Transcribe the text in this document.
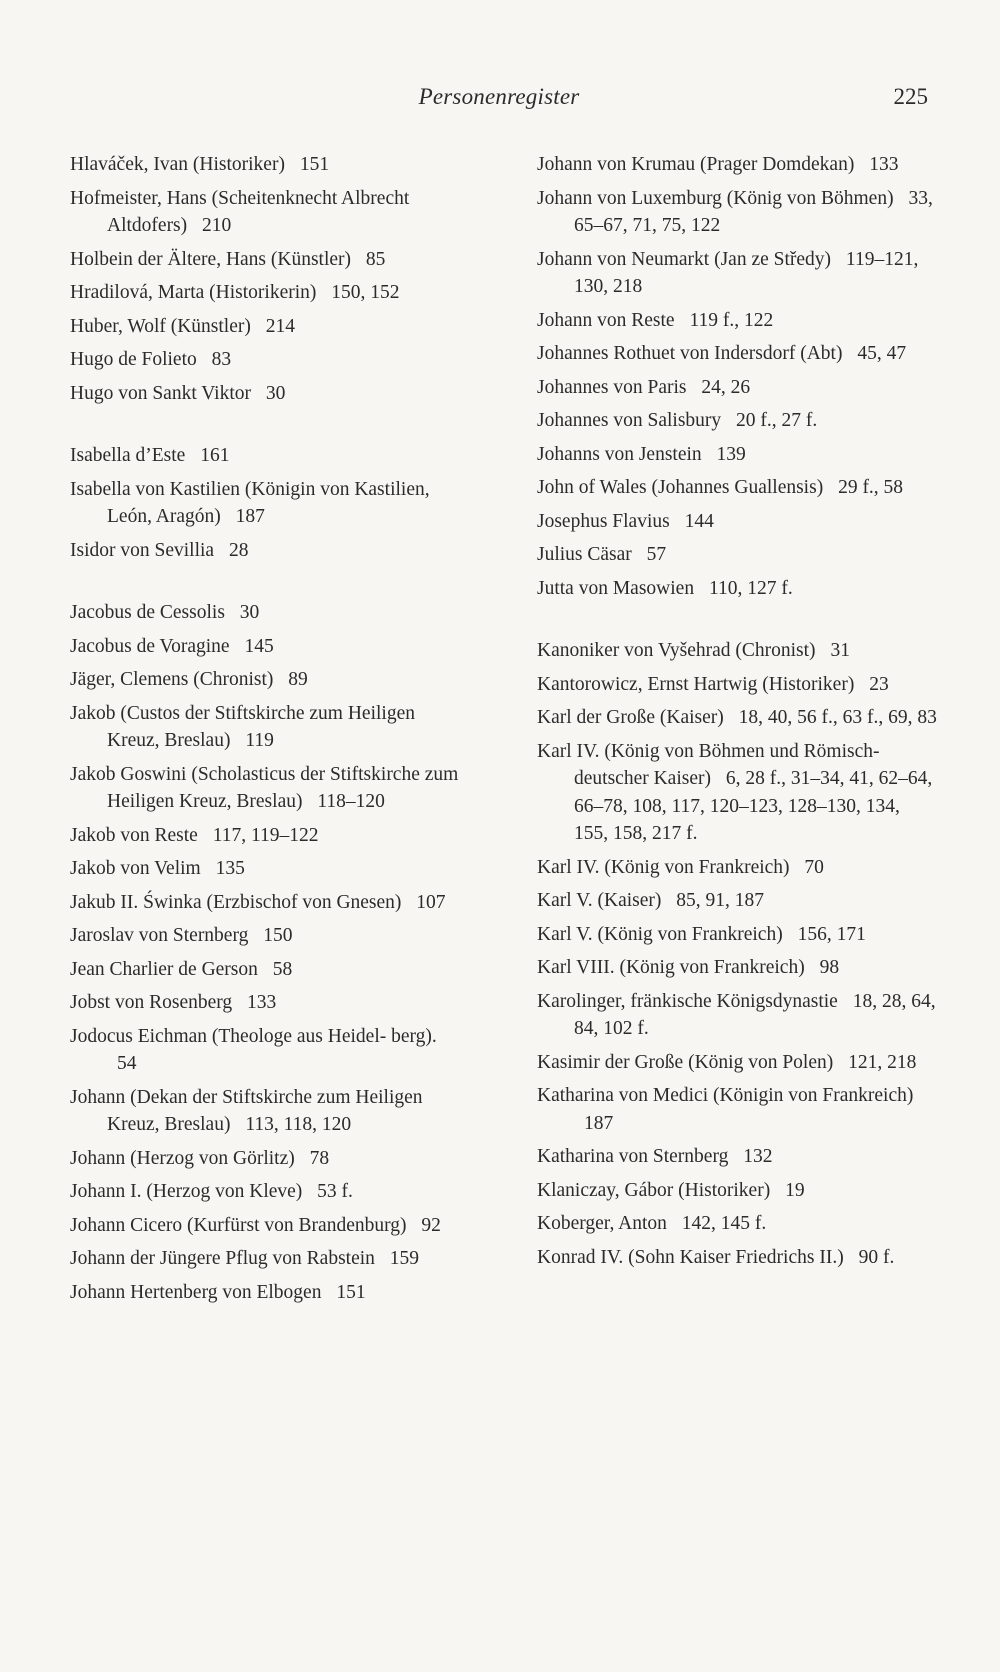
Personenregister	225
Hlaváček, Ivan (Historiker) 151
Hofmeister, Hans (Scheitenknecht Albrecht Altdofers) 210
Holbein der Ältere, Hans (Künstler) 85
Hradilová, Marta (Historikerin) 150, 152
Huber, Wolf (Künstler) 214
Hugo de Folieto 83
Hugo von Sankt Viktor 30
Isabella d’Este 161
Isabella von Kastilien (Königin von Kastilien, León, Aragón) 187
Isidor von Sevillia 28
Jacobus de Cessolis 30
Jacobus de Voragine 145
Jäger, Clemens (Chronist) 89
Jakob (Custos der Stiftskirche zum Heiligen Kreuz, Breslau) 119
Jakob Goswini (Scholasticus der Stiftskirche zum Heiligen Kreuz, Breslau) 118–120
Jakob von Reste 117, 119–122
Jakob von Velim 135
Jakub II. Świnka (Erzbischof von Gnesen) 107
Jaroslav von Sternberg 150
Jean Charlier de Gerson 58
Jobst von Rosenberg 133
Jodocus Eichman (Theologe aus Heidel- berg). 54
Johann (Dekan der Stiftskirche zum Heiligen Kreuz, Breslau) 113, 118, 120
Johann (Herzog von Görlitz) 78
Johann I. (Herzog von Kleve) 53 f.
Johann Cicero (Kurfürst von Brandenburg) 92
Johann der Jüngere Pflug von Rabstein 159
Johann Hertenberg von Elbogen 151
Johann von Krumau (Prager Domdekan) 133
Johann von Luxemburg (König von Böhmen) 33, 65–67, 71, 75, 122
Johann von Neumarkt (Jan ze Středy) 119–121, 130, 218
Johann von Reste 119 f., 122
Johannes Rothuet von Indersdorf (Abt) 45, 47
Johannes von Paris 24, 26
Johannes von Salisbury 20 f., 27 f.
Johanns von Jenstein 139
John of Wales (Johannes Guallensis) 29 f., 58
Josephus Flavius 144
Julius Cäsar 57
Jutta von Masowien 110, 127 f.
Kanoniker von Vyšehrad (Chronist) 31
Kantorowicz, Ernst Hartwig (Historiker) 23
Karl der Große (Kaiser) 18, 40, 56 f., 63 f., 69, 83
Karl IV. (König von Böhmen und Römisch-deutscher Kaiser) 6, 28 f., 31–34, 41, 62–64, 66–78, 108, 117, 120–123, 128–130, 134, 155, 158, 217 f.
Karl IV. (König von Frankreich) 70
Karl V. (Kaiser) 85, 91, 187
Karl V. (König von Frankreich) 156, 171
Karl VIII. (König von Frankreich) 98
Karolinger, fränkische Königsdynastie 18, 28, 64, 84, 102 f.
Kasimir der Große (König von Polen) 121, 218
Katharina von Medici (Königin von Frankreich) 187
Katharina von Sternberg 132
Klaniczay, Gábor (Historiker) 19
Koberger, Anton 142, 145 f.
Konrad IV. (Sohn Kaiser Friedrichs II.) 90 f.
